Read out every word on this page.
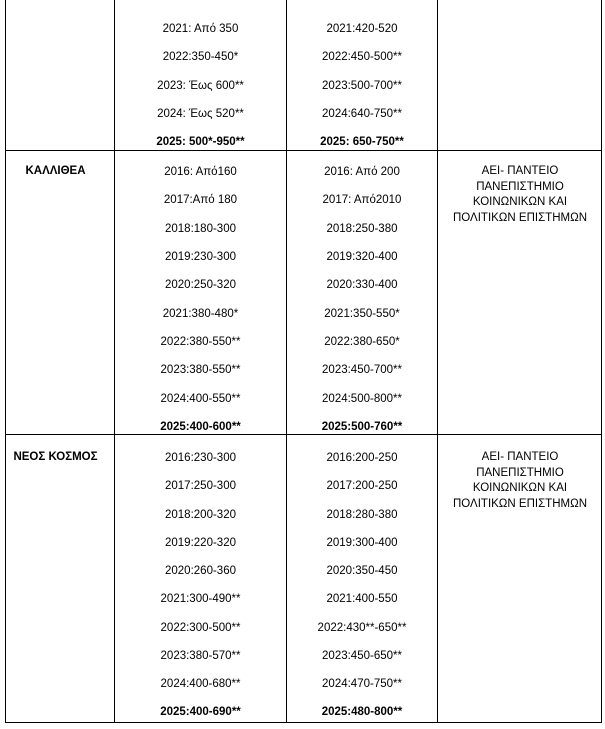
2021: Από 350
2022:350-450*
2023: Έως 600**
2024: Έως 520**
2025: 500*-950**
2021:420-520
2022:450-500**
2023:500-700**
2024:640-750**
2025: 650-750**
ΚΑΛΛΙΘΕΑ	2016: Από160
2017:Από 180
2018:180-300
2019:230-300
2020:250-320
2021:380-480*
2022:380-550**
2023:380-550**
2024:400-550**
2025:400-600**
2016: Από 200
2017: Από2010
2018:250-380
2019:320-400
2020:330-400
2021:350-550*
2022:380-650*
2023:450-700**
2024:500-800**
2025:500-760**
ΑΕΙ- ΠΑΝΤΕΙΟ ΠΑΝΕΠΙΣΤΗΜΙΟ ΚΟΙΝΩΝΙΚΩΝ ΚΑΙ ΠΟΛΙΤΙΚΩΝ ΕΠΙΣΤΗΜΩΝ
ΝΕΟΣ ΚΟΣΜΟΣ	2016:230-300
2017:250-300
2018:200-320
2019:220-320
2020:260-360
2021:300-490**
2022:300-500**
2023:380-570**
2024:400-680**
2025:400-690**
2016:200-250
2017:200-250
2018:280-380
2019:300-400
2020:350-450
2021:400-550
2022:430**-650**
2023:450-650**
2024:470-750**
2025:480-800**
ΑΕΙ- ΠΑΝΤΕΙΟ ΠΑΝΕΠΙΣΤΗΜΙΟ ΚΟΙΝΩΝΙΚΩΝ ΚΑΙ ΠΟΛΙΤΙΚΩΝ ΕΠΙΣΤΗΜΩΝ
